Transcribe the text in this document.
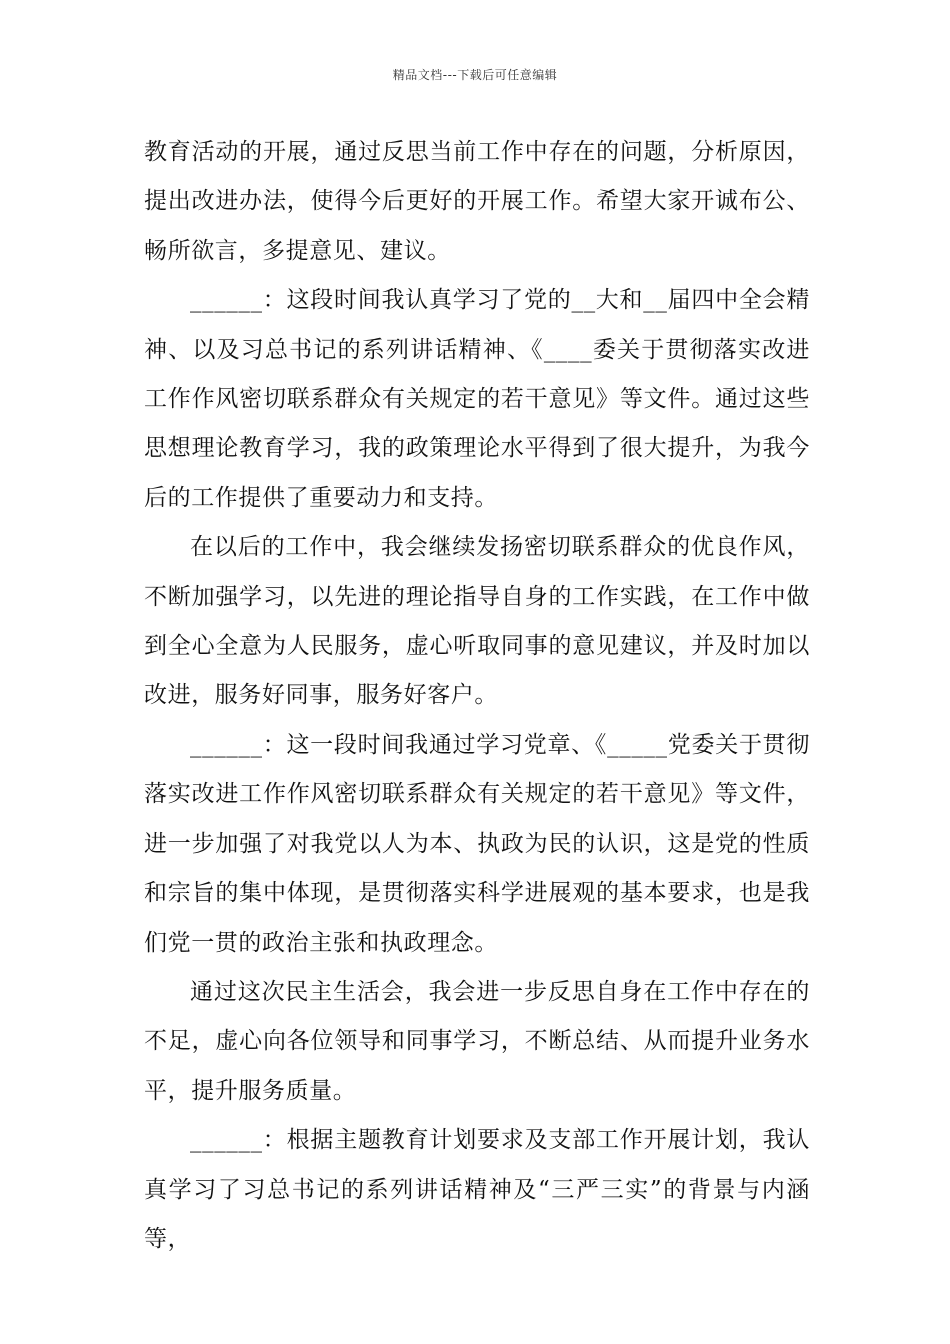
精品文档---下载后可任意编辑

教育活动的开展，通过反思当前工作中存在的问题，分析原因，提出改进办法，使得今后更好的开展工作。希望大家开诚布公、畅所欲言，多提意见、建议。

______：这段时间我认真学习了党的__大和__届四中全会精神、以及习总书记的系列讲话精神、《____委关于贯彻落实改进工作作风密切联系群众有关规定的若干意见》等文件。通过这些思想理论教育学习，我的政策理论水平得到了很大提升，为我今后的工作提供了重要动力和支持。

在以后的工作中，我会继续发扬密切联系群众的优良作风，不断加强学习，以先进的理论指导自身的工作实践，在工作中做到全心全意为人民服务，虚心听取同事的意见建议，并及时加以改进，服务好同事，服务好客户。

______：这一段时间我通过学习党章、《_____党委关于贯彻落实改进工作作风密切联系群众有关规定的若干意见》等文件，进一步加强了对我党以人为本、执政为民的认识，这是党的性质和宗旨的集中体现，是贯彻落实科学进展观的基本要求，也是我们党一贯的政治主张和执政理念。

通过这次民主生活会，我会进一步反思自身在工作中存在的不足，虚心向各位领导和同事学习，不断总结、从而提升业务水平，提升服务质量。

______：根据主题教育计划要求及支部工作开展计划，我认真学习了习总书记的系列讲话精神及“三严三实”的背景与内涵等，
